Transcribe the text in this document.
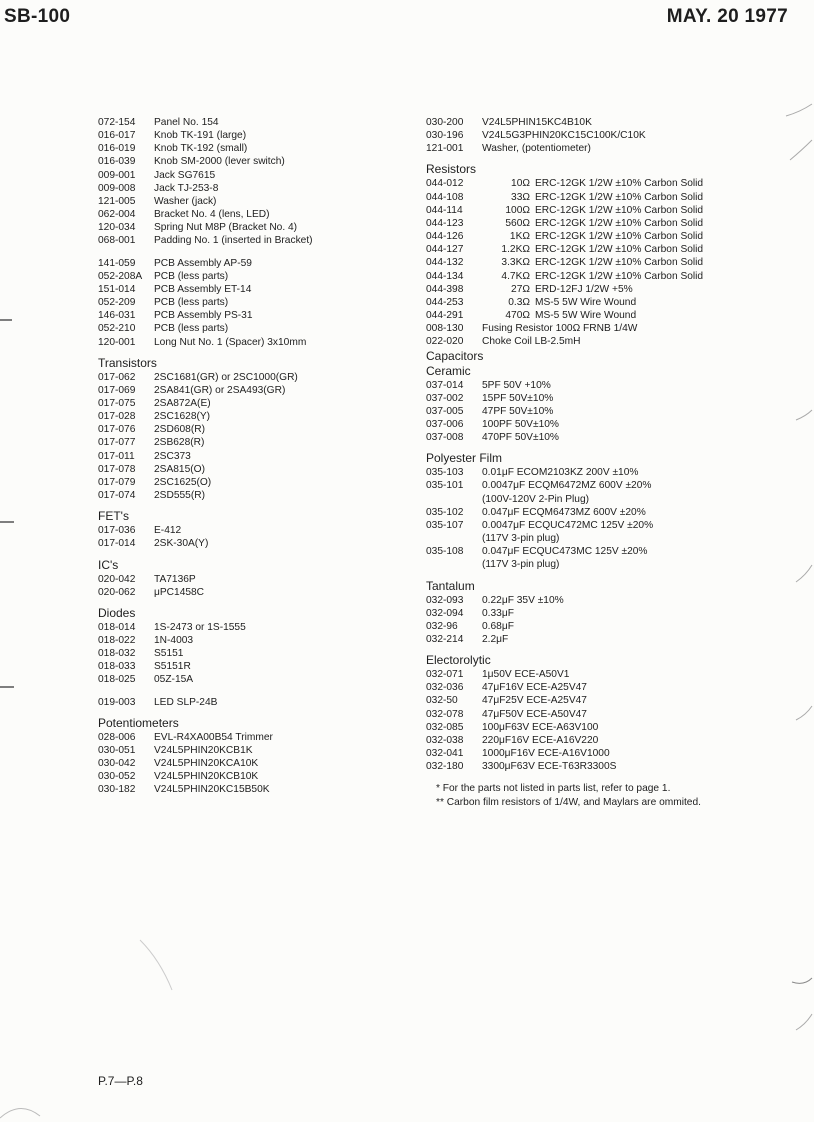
SB-100	MAY. 20 1977
072-154	Panel No. 154
016-017	Knob TK-191 (large)
016-019	Knob TK-192 (small)
016-039	Knob SM-2000 (lever switch)
009-001	Jack SG7615
009-008	Jack TJ-253-8
121-005	Washer (jack)
062-004	Bracket No. 4 (lens, LED)
120-034	Spring Nut M8P (Bracket No. 4)
068-001	Padding No. 1 (inserted in Bracket)
141-059	PCB Assembly AP-59
052-208A	PCB (less parts)
151-014	PCB Assembly ET-14
052-209	PCB (less parts)
146-031	PCB Assembly PS-31
052-210	PCB (less parts)
120-001	Long Nut No. 1 (Spacer) 3x10mm
Transistors
017-062	2SC1681(GR) or 2SC1000(GR)
017-069	2SA841(GR) or 2SA493(GR)
017-075	2SA872A(E)
017-028	2SC1628(Y)
017-076	2SD608(R)
017-077	2SB628(R)
017-011	2SC373
017-078	2SA815(O)
017-079	2SC1625(O)
017-074	2SD555(R)
FET's
017-036	E-412
017-014	2SK-30A(Y)
IC's
020-042	TA7136P
020-062	μPC1458C
Diodes
018-014	1S-2473 or 1S-1555
018-022	1N-4003
018-032	S5151
018-033	S5151R
018-025	05Z-15A
019-003	LED SLP-24B
Potentiometers
028-006	EVL-R4XA00B54 Trimmer
030-051	V24L5PHIN20KCB1K
030-042	V24L5PHIN20KCA10K
030-052	V24L5PHIN20KCB10K
030-182	V24L5PHIN20KC15B50K
030-200	V24L5PHIN15KC4B10K
030-196	V24L5G3PHIN20KC15C100K/C10K
121-001	Washer, (potentiometer)
Resistors
044-012	10Ω ERC-12GK 1/2W ±10% Carbon Solid
044-108	33Ω ERC-12GK 1/2W ±10% Carbon Solid
044-114	100Ω ERC-12GK 1/2W ±10% Carbon Solid
044-123	560Ω ERC-12GK 1/2W ±10% Carbon Solid
044-126	1KΩ ERC-12GK 1/2W ±10% Carbon Solid
044-127	1.2KΩ ERC-12GK 1/2W ±10% Carbon Solid
044-132	3.3KΩ ERC-12GK 1/2W ±10% Carbon Solid
044-134	4.7KΩ ERC-12GK 1/2W ±10% Carbon Solid
044-398	27Ω ERD-12FJ 1/2W +5%
044-253	0.3Ω MS-5 5W Wire Wound
044-291	470Ω MS-5 5W Wire Wound
008-130	Fusing Resistor 100Ω FRNB 1/4W
022-020	Choke Coil LB-2.5mH
Capacitors
Ceramic
037-014	5PF 50V +10%
037-002	15PF 50V±10%
037-005	47PF 50V±10%
037-006	100PF 50V±10%
037-008	470PF 50V±10%
Polyester Film
035-103	0.01μF ECOM2103KZ 200V ±10%
035-101	0.0047μF ECQM6472MZ 600V ±20%
(100V-120V 2-Pin Plug)
035-102	0.047μF ECQM6473MZ 600V ±20%
035-107	0.0047μF ECQUC472MC 125V ±20%
(117V 3-pin plug)
035-108	0.047μF ECQUC473MC 125V ±20%
(117V 3-pin plug)
Tantalum
032-093	0.22μF 35V ±10%
032-094	0.33μF
032-96	0.68μF
032-214	2.2μF
Electorolytic
032-071	1μ50V ECE-A50V1
032-036	47μF16V ECE-A25V47
032-50	47μF25V ECE-A25V47
032-078	47μF50V ECE-A50V47
032-085	100μF63V ECE-A63V100
032-038	220μF16V ECE-A16V220
032-041	1000μF16V ECE-A16V1000
032-180	3300μF63V ECE-T63R3300S
* For the parts not listed in parts list, refer to page 1.
** Carbon film resistors of 1/4W, and Maylars are ommited.
P.7—P.8
